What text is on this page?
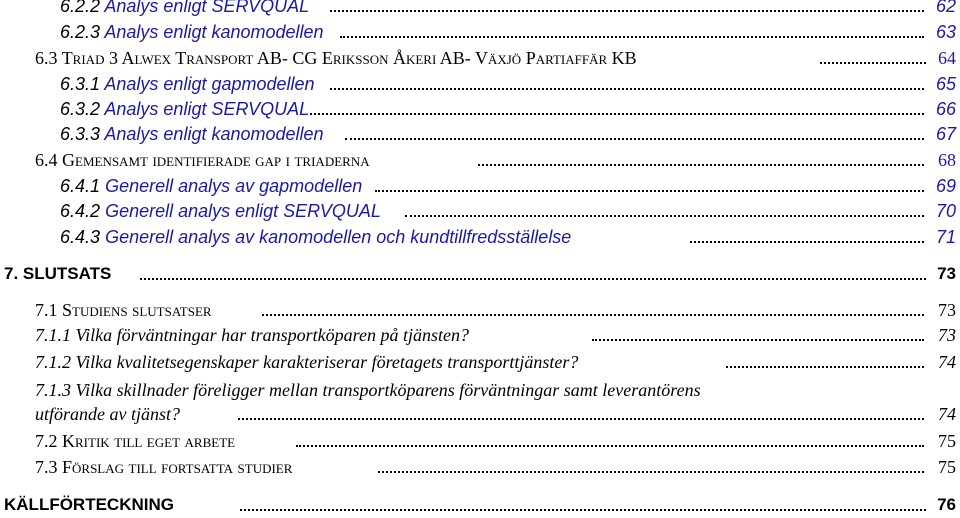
6.2.2 Analys enligt SERVQUAL	62
6.2.3 Analys enligt kanomodellen	63
6.3 Triad 3 Alwex Transport AB- CG Eriksson Åkeri AB- Växjö Partiaffär KB	64
6.3.1 Analys enligt gapmodellen	65
6.3.2 Analys enligt SERVQUAL	66
6.3.3 Analys enligt kanomodellen	67
6.4 Gemensamt identifierade gap i triaderna	68
6.4.1 Generell analys av gapmodellen	69
6.4.2 Generell analys enligt SERVQUAL	70
6.4.3 Generell analys av kanomodellen och kundtillfredsställelse	71
7. SLUTSATS	73
7.1 Studiens slutsatser	73
7.1.1 Vilka förväntningar har transportköparen på tjänsten?	73
7.1.2 Vilka kvalitetsegenskaper karakteriserar företagets transporttjänster?	74
7.1.3 Vilka skillnader föreligger mellan transportköparens förväntningar samt leverantörens
utförande av tjänst?	74
7.2 Kritik till eget arbete	75
7.3 Förslag till fortsatta studier	75
KÄLLFÖRTECKNING	76
